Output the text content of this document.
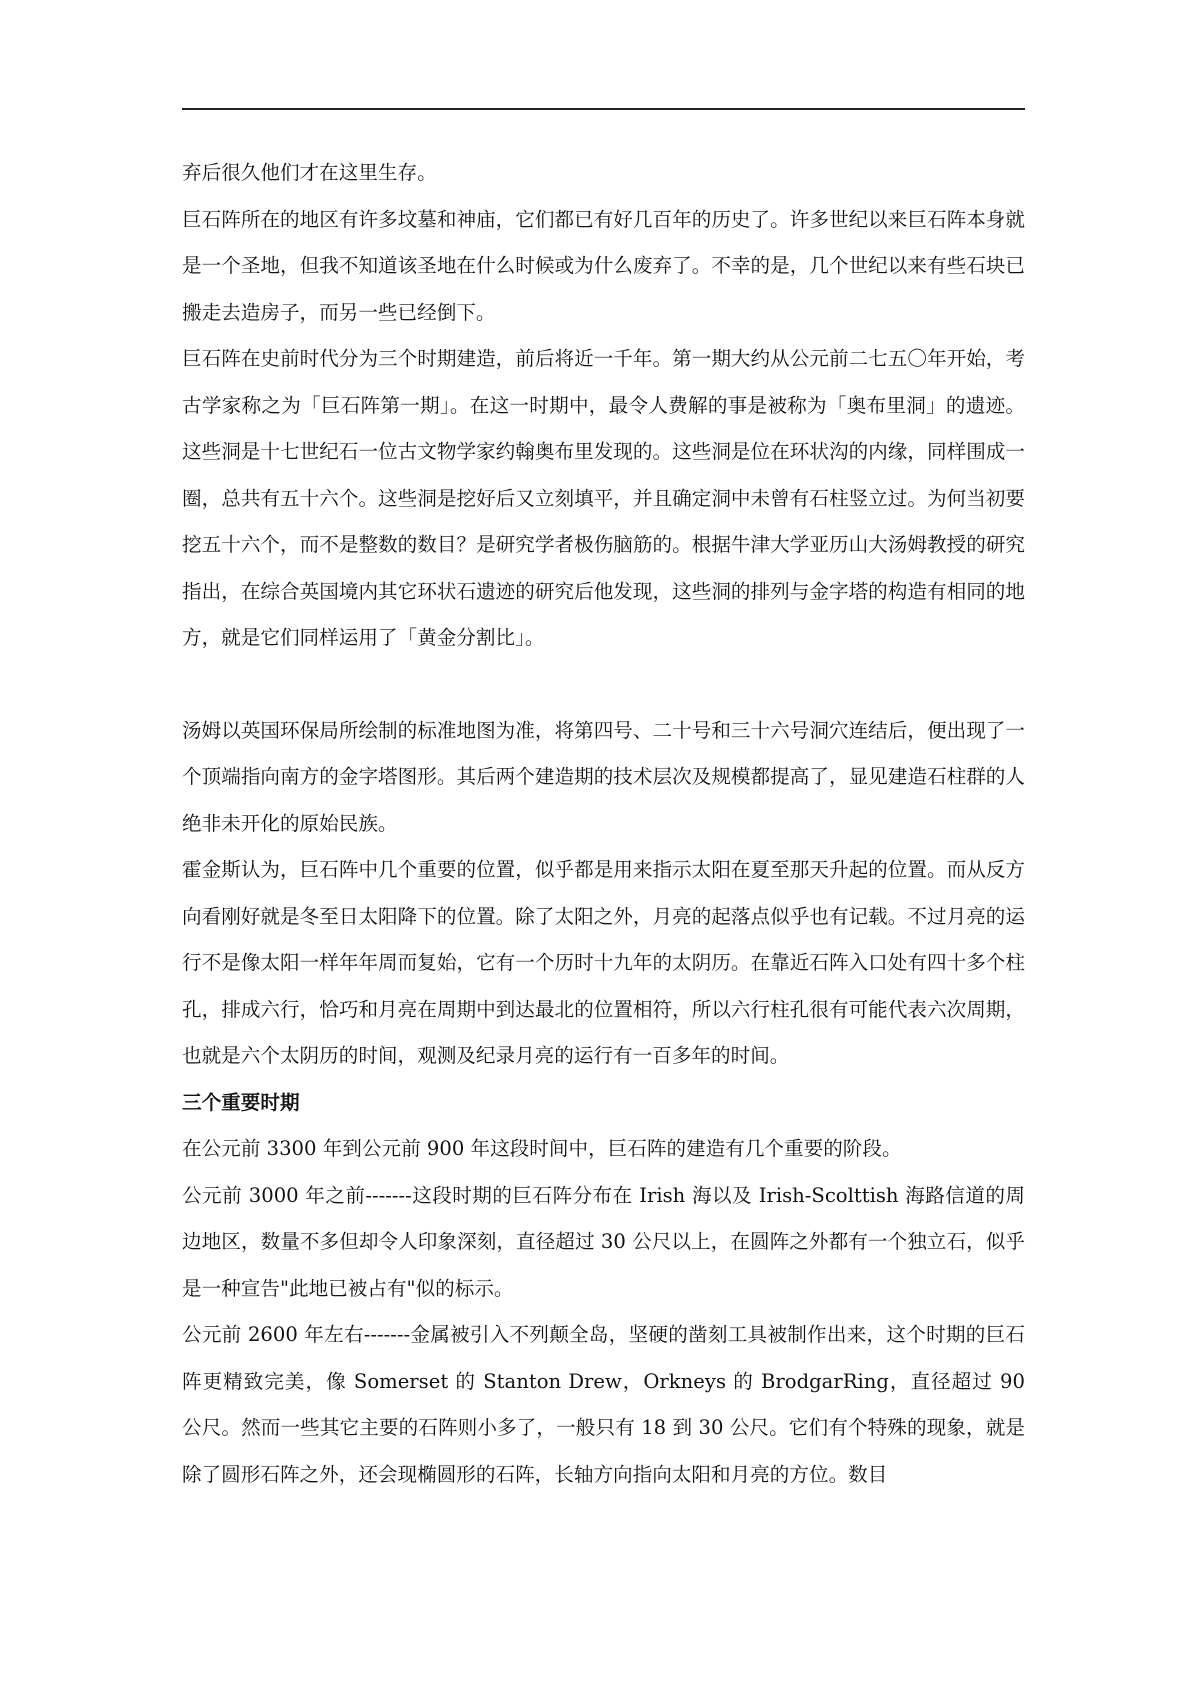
弃后很久他们才在这里生存。

巨石阵所在的地区有许多坟墓和神庙，它们都已有好几百年的历史了。许多世纪以来巨石阵本身就是一个圣地，但我不知道该圣地在什么时候或为什么废弃了。不幸的是，几个世纪以来有些石块已搬走去造房子，而另一些已经倒下。

巨石阵在史前时代分为三个时期建造，前后将近一千年。第一期大约从公元前二七五〇年开始，考古学家称之为「巨石阵第一期」。在这一时期中，最令人费解的事是被称为「奥布里洞」的遗迹。这些洞是十七世纪石一位古文物学家约翰奥布里发现的。这些洞是位在环状沟的内缘，同样围成一圈，总共有五十六个。这些洞是挖好后又立刻填平，并且确定洞中未曾有石柱竖立过。为何当初要挖五十六个，而不是整数的数目？是研究学者极伤脑筋的。根据牛津大学亚历山大汤姆教授的研究指出，在综合英国境内其它环状石遗迹的研究后他发现，这些洞的排列与金字塔的构造有相同的地方，就是它们同样运用了「黄金分割比」。

汤姆以英国环保局所绘制的标准地图为准，将第四号、二十号和三十六号洞穴连结后，便出现了一个顶端指向南方的金字塔图形。其后两个建造期的技术层次及规模都提高了，显见建造石柱群的人绝非未开化的原始民族。

霍金斯认为，巨石阵中几个重要的位置，似乎都是用来指示太阳在夏至那天升起的位置。而从反方向看刚好就是冬至日太阳降下的位置。除了太阳之外，月亮的起落点似乎也有记载。不过月亮的运行不是像太阳一样年年周而复始，它有一个历时十九年的太阴历。在靠近石阵入口处有四十多个柱孔，排成六行，恰巧和月亮在周期中到达最北的位置相符，所以六行柱孔很有可能代表六次周期，也就是六个太阴历的时间，观测及纪录月亮的运行有一百多年的时间。

三个重要时期

在公元前 3300 年到公元前 900 年这段时间中，巨石阵的建造有几个重要的阶段。

公元前 3000 年之前-------这段时期的巨石阵分布在 Irish 海以及 Irish-Scolttish 海路信道的周边地区，数量不多但却令人印象深刻，直径超过 30 公尺以上，在圆阵之外都有一个独立石，似乎是一种宣告"此地已被占有"似的标示。

公元前 2600 年左右-------金属被引入不列颠全岛，坚硬的凿刻工具被制作出来，这个时期的巨石阵更精致完美，像 Somerset 的 Stanton Drew，Orkneys 的 BrodgarRing，直径超过 90 公尺。然而一些其它主要的石阵则小多了，一般只有 18 到 30 公尺。它们有个特殊的现象，就是除了圆形石阵之外，还会现椭圆形的石阵，长轴方向指向太阳和月亮的方位。数目
